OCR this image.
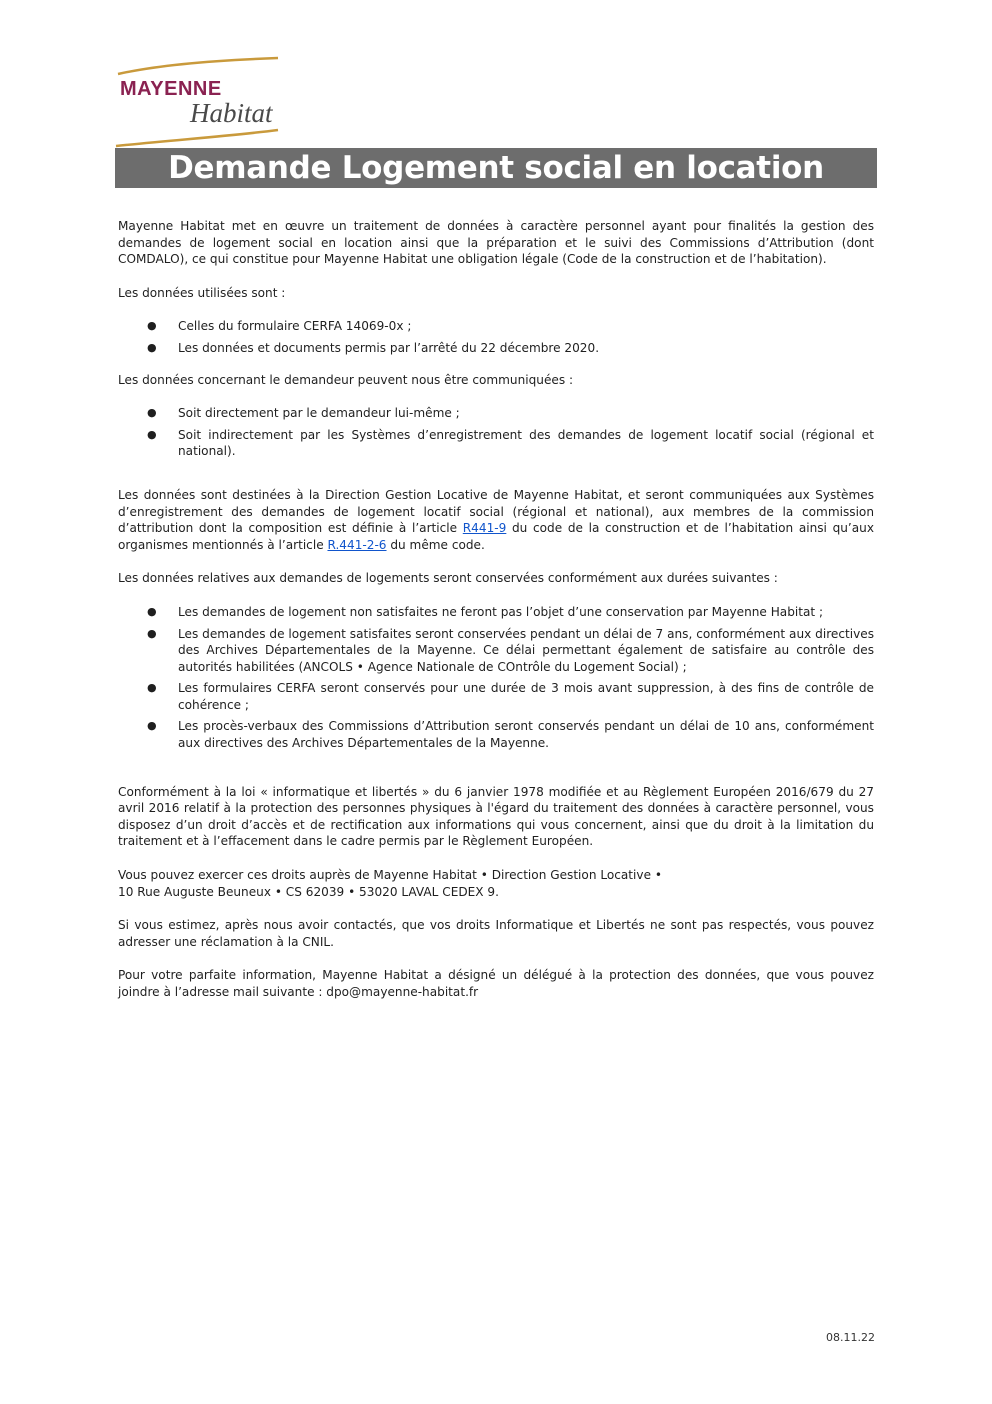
MAYENNE
Habitat
Demande Logement social en location

Mayenne Habitat met en œuvre un traitement de données à caractère personnel ayant pour finalités la gestion des demandes de logement social en location ainsi que la préparation et le suivi des Commissions d’Attribution (dont COMDALO), ce qui constitue pour Mayenne Habitat une obligation légale (Code de la construction et de l’habitation).

Les données utilisées sont :

● Celles du formulaire CERFA 14069-0x ;
● Les données et documents permis par l’arrêté du 22 décembre 2020.

Les données concernant le demandeur peuvent nous être communiquées :

● Soit directement par le demandeur lui-même ;
● Soit indirectement par les Systèmes d’enregistrement des demandes de logement locatif social (régional et national).

Les données sont destinées à la Direction Gestion Locative de Mayenne Habitat, et seront communiquées aux Systèmes d’enregistrement des demandes de logement locatif social (régional et national), aux membres de la commission d’attribution dont la composition est définie à l’article R441-9 du code de la construction et de l’habitation ainsi qu’aux organismes mentionnés à l’article R.441-2-6 du même code.

Les données relatives aux demandes de logements seront conservées conformément aux durées suivantes :

● Les demandes de logement non satisfaites ne feront pas l’objet d’une conservation par Mayenne Habitat ;
● Les demandes de logement satisfaites seront conservées pendant un délai de 7 ans, conformément aux directives des Archives Départementales de la Mayenne. Ce délai permettant également de satisfaire au contrôle des autorités habilitées (ANCOLS • Agence Nationale de COntrôle du Logement Social) ;
● Les formulaires CERFA seront conservés pour une durée de 3 mois avant suppression, à des fins de contrôle de cohérence ;
● Les procès-verbaux des Commissions d’Attribution seront conservés pendant un délai de 10 ans, conformément aux directives des Archives Départementales de la Mayenne.

Conformément à la loi « informatique et libertés » du 6 janvier 1978 modifiée et au Règlement Européen 2016/679 du 27 avril 2016 relatif à la protection des personnes physiques à l'égard du traitement des données à caractère personnel, vous disposez d’un droit d’accès et de rectification aux informations qui vous concernent, ainsi que du droit à la limitation du traitement et à l’effacement dans le cadre permis par le Règlement Européen.

Vous pouvez exercer ces droits auprès de Mayenne Habitat • Direction Gestion Locative •

10 Rue Auguste Beuneux • CS 62039 • 53020 LAVAL CEDEX 9.

Si vous estimez, après nous avoir contactés, que vos droits Informatique et Libertés ne sont pas respectés, vous pouvez adresser une réclamation à la CNIL.

Pour votre parfaite information, Mayenne Habitat a désigné un délégué à la protection des données, que vous pouvez joindre à l’adresse mail suivante : dpo@mayenne-habitat.fr

08.11.22
